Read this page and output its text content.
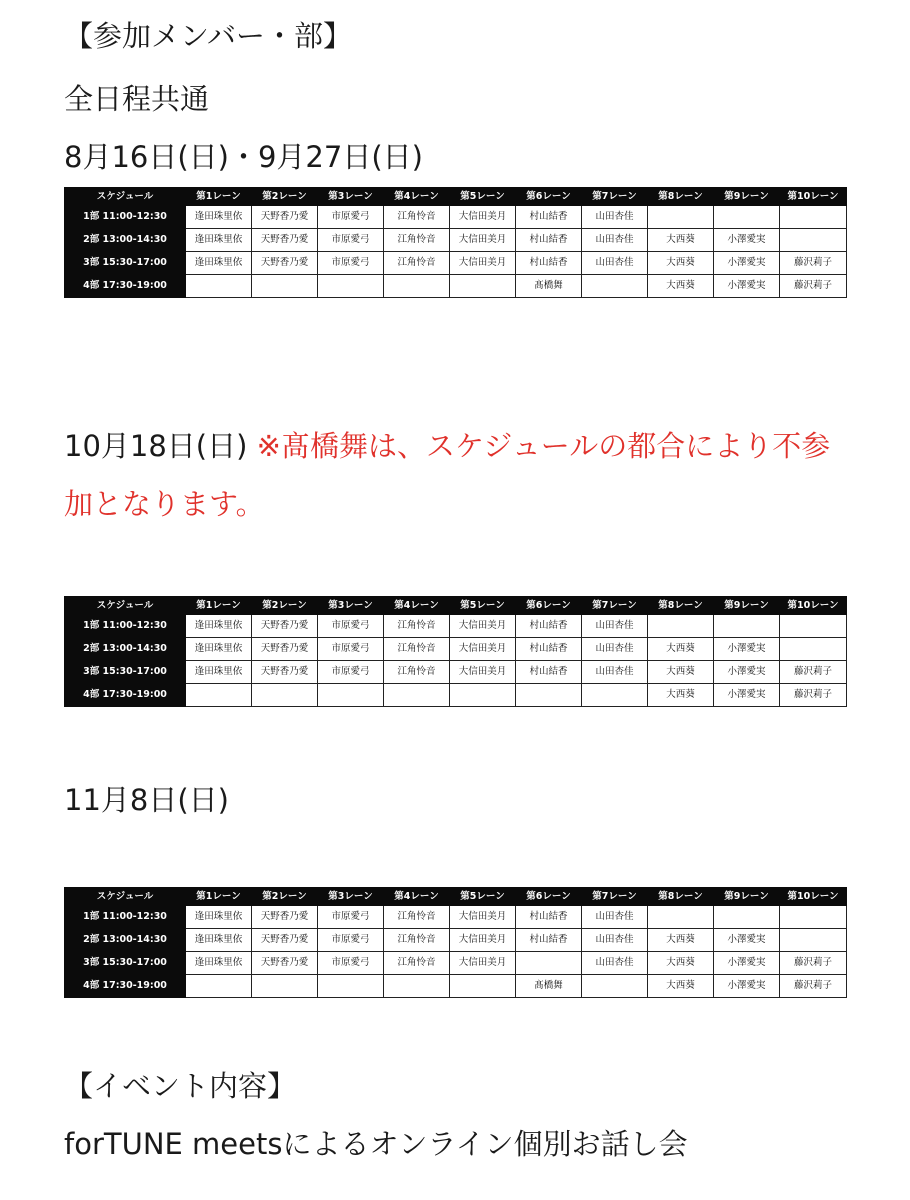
【参加メンバー・部】
全日程共通
8月16日(日)・9月27日(日)
スケジュール	第1レーン	第2レーン	第3レーン	第4レーン	第5レーン	第6レーン	第7レーン	第8レーン	第9レーン	第10レーン
1部 11:00-12:30	逢田珠里依	天野香乃愛	市原愛弓	江角怜音	大信田美月	村山結香	山田杏佳			
2部 13:00-14:30	逢田珠里依	天野香乃愛	市原愛弓	江角怜音	大信田美月	村山結香	山田杏佳	大西葵	小澤愛実	
3部 15:30-17:00	逢田珠里依	天野香乃愛	市原愛弓	江角怜音	大信田美月	村山結香	山田杏佳	大西葵	小澤愛実	藤沢莉子
4部 17:30-19:00						髙橋舞		大西葵	小澤愛実	藤沢莉子
10月18日(日) ※髙橋舞は、スケジュールの都合により不参
加となります。
スケジュール	第1レーン	第2レーン	第3レーン	第4レーン	第5レーン	第6レーン	第7レーン	第8レーン	第9レーン	第10レーン
1部 11:00-12:30	逢田珠里依	天野香乃愛	市原愛弓	江角怜音	大信田美月	村山結香	山田杏佳			
2部 13:00-14:30	逢田珠里依	天野香乃愛	市原愛弓	江角怜音	大信田美月	村山結香	山田杏佳	大西葵	小澤愛実	
3部 15:30-17:00	逢田珠里依	天野香乃愛	市原愛弓	江角怜音	大信田美月	村山結香	山田杏佳	大西葵	小澤愛実	藤沢莉子
4部 17:30-19:00								大西葵	小澤愛実	藤沢莉子
11月8日(日)
スケジュール	第1レーン	第2レーン	第3レーン	第4レーン	第5レーン	第6レーン	第7レーン	第8レーン	第9レーン	第10レーン
1部 11:00-12:30	逢田珠里依	天野香乃愛	市原愛弓	江角怜音	大信田美月	村山結香	山田杏佳			
2部 13:00-14:30	逢田珠里依	天野香乃愛	市原愛弓	江角怜音	大信田美月	村山結香	山田杏佳	大西葵	小澤愛実	
3部 15:30-17:00	逢田珠里依	天野香乃愛	市原愛弓	江角怜音	大信田美月		山田杏佳	大西葵	小澤愛実	藤沢莉子
4部 17:30-19:00						髙橋舞		大西葵	小澤愛実	藤沢莉子
【イベント内容】
forTUNE meetsによるオンライン個別お話し会
